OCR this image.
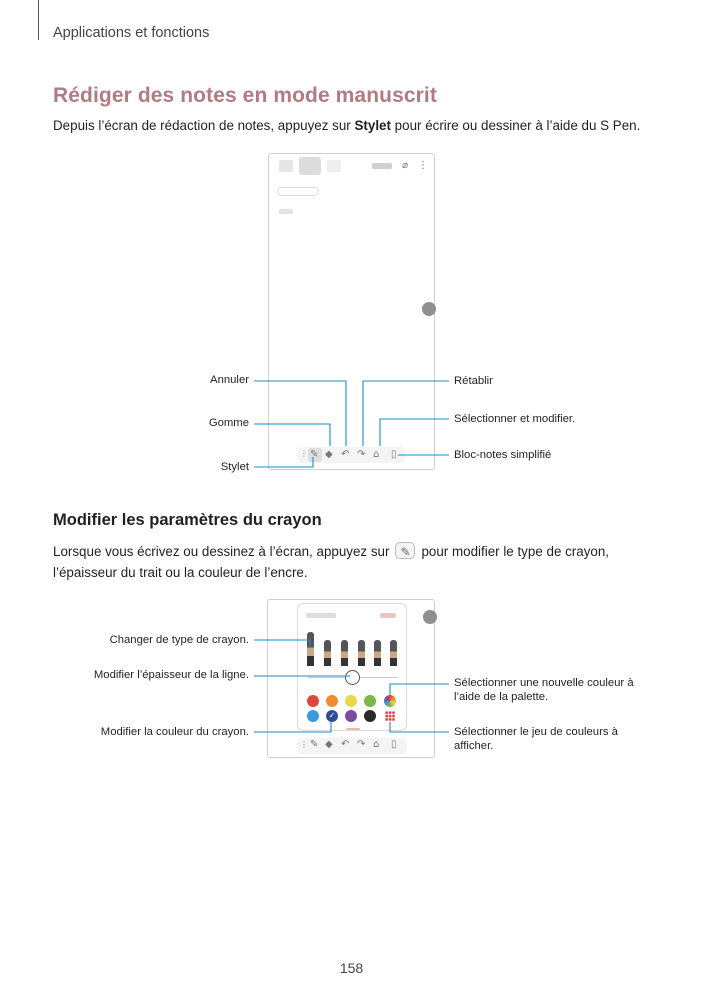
Applications et fonctions
Rédiger des notes en mode manuscrit
Depuis l’écran de rédaction de notes, appuyez sur Stylet pour écrire ou dessiner à l’aide du S Pen.
⌀ ⋮
⋮ ✎ ◆ ↶ ↷ ⌂ ▯
Annuler
Gomme
Stylet
Rétablir
Sélectionner et modifier.
Bloc-notes simplifié
Modifier les paramètres du crayon
Lorsque vous écrivez ou dessinez à l’écran, appuyez sur✎ pour modifier le type de crayon,
l’épaisseur du trait ou la couleur de l’encre.
✓
⋮ ✎ ◆ ↶ ↷ ⌂ ▯
Changer de type de crayon.
Modifier l’épaisseur de la ligne.
Modifier la couleur du crayon.
Sélectionner une nouvelle couleur à
l’aide de la palette.
Sélectionner le jeu de couleurs à
afficher.
158
